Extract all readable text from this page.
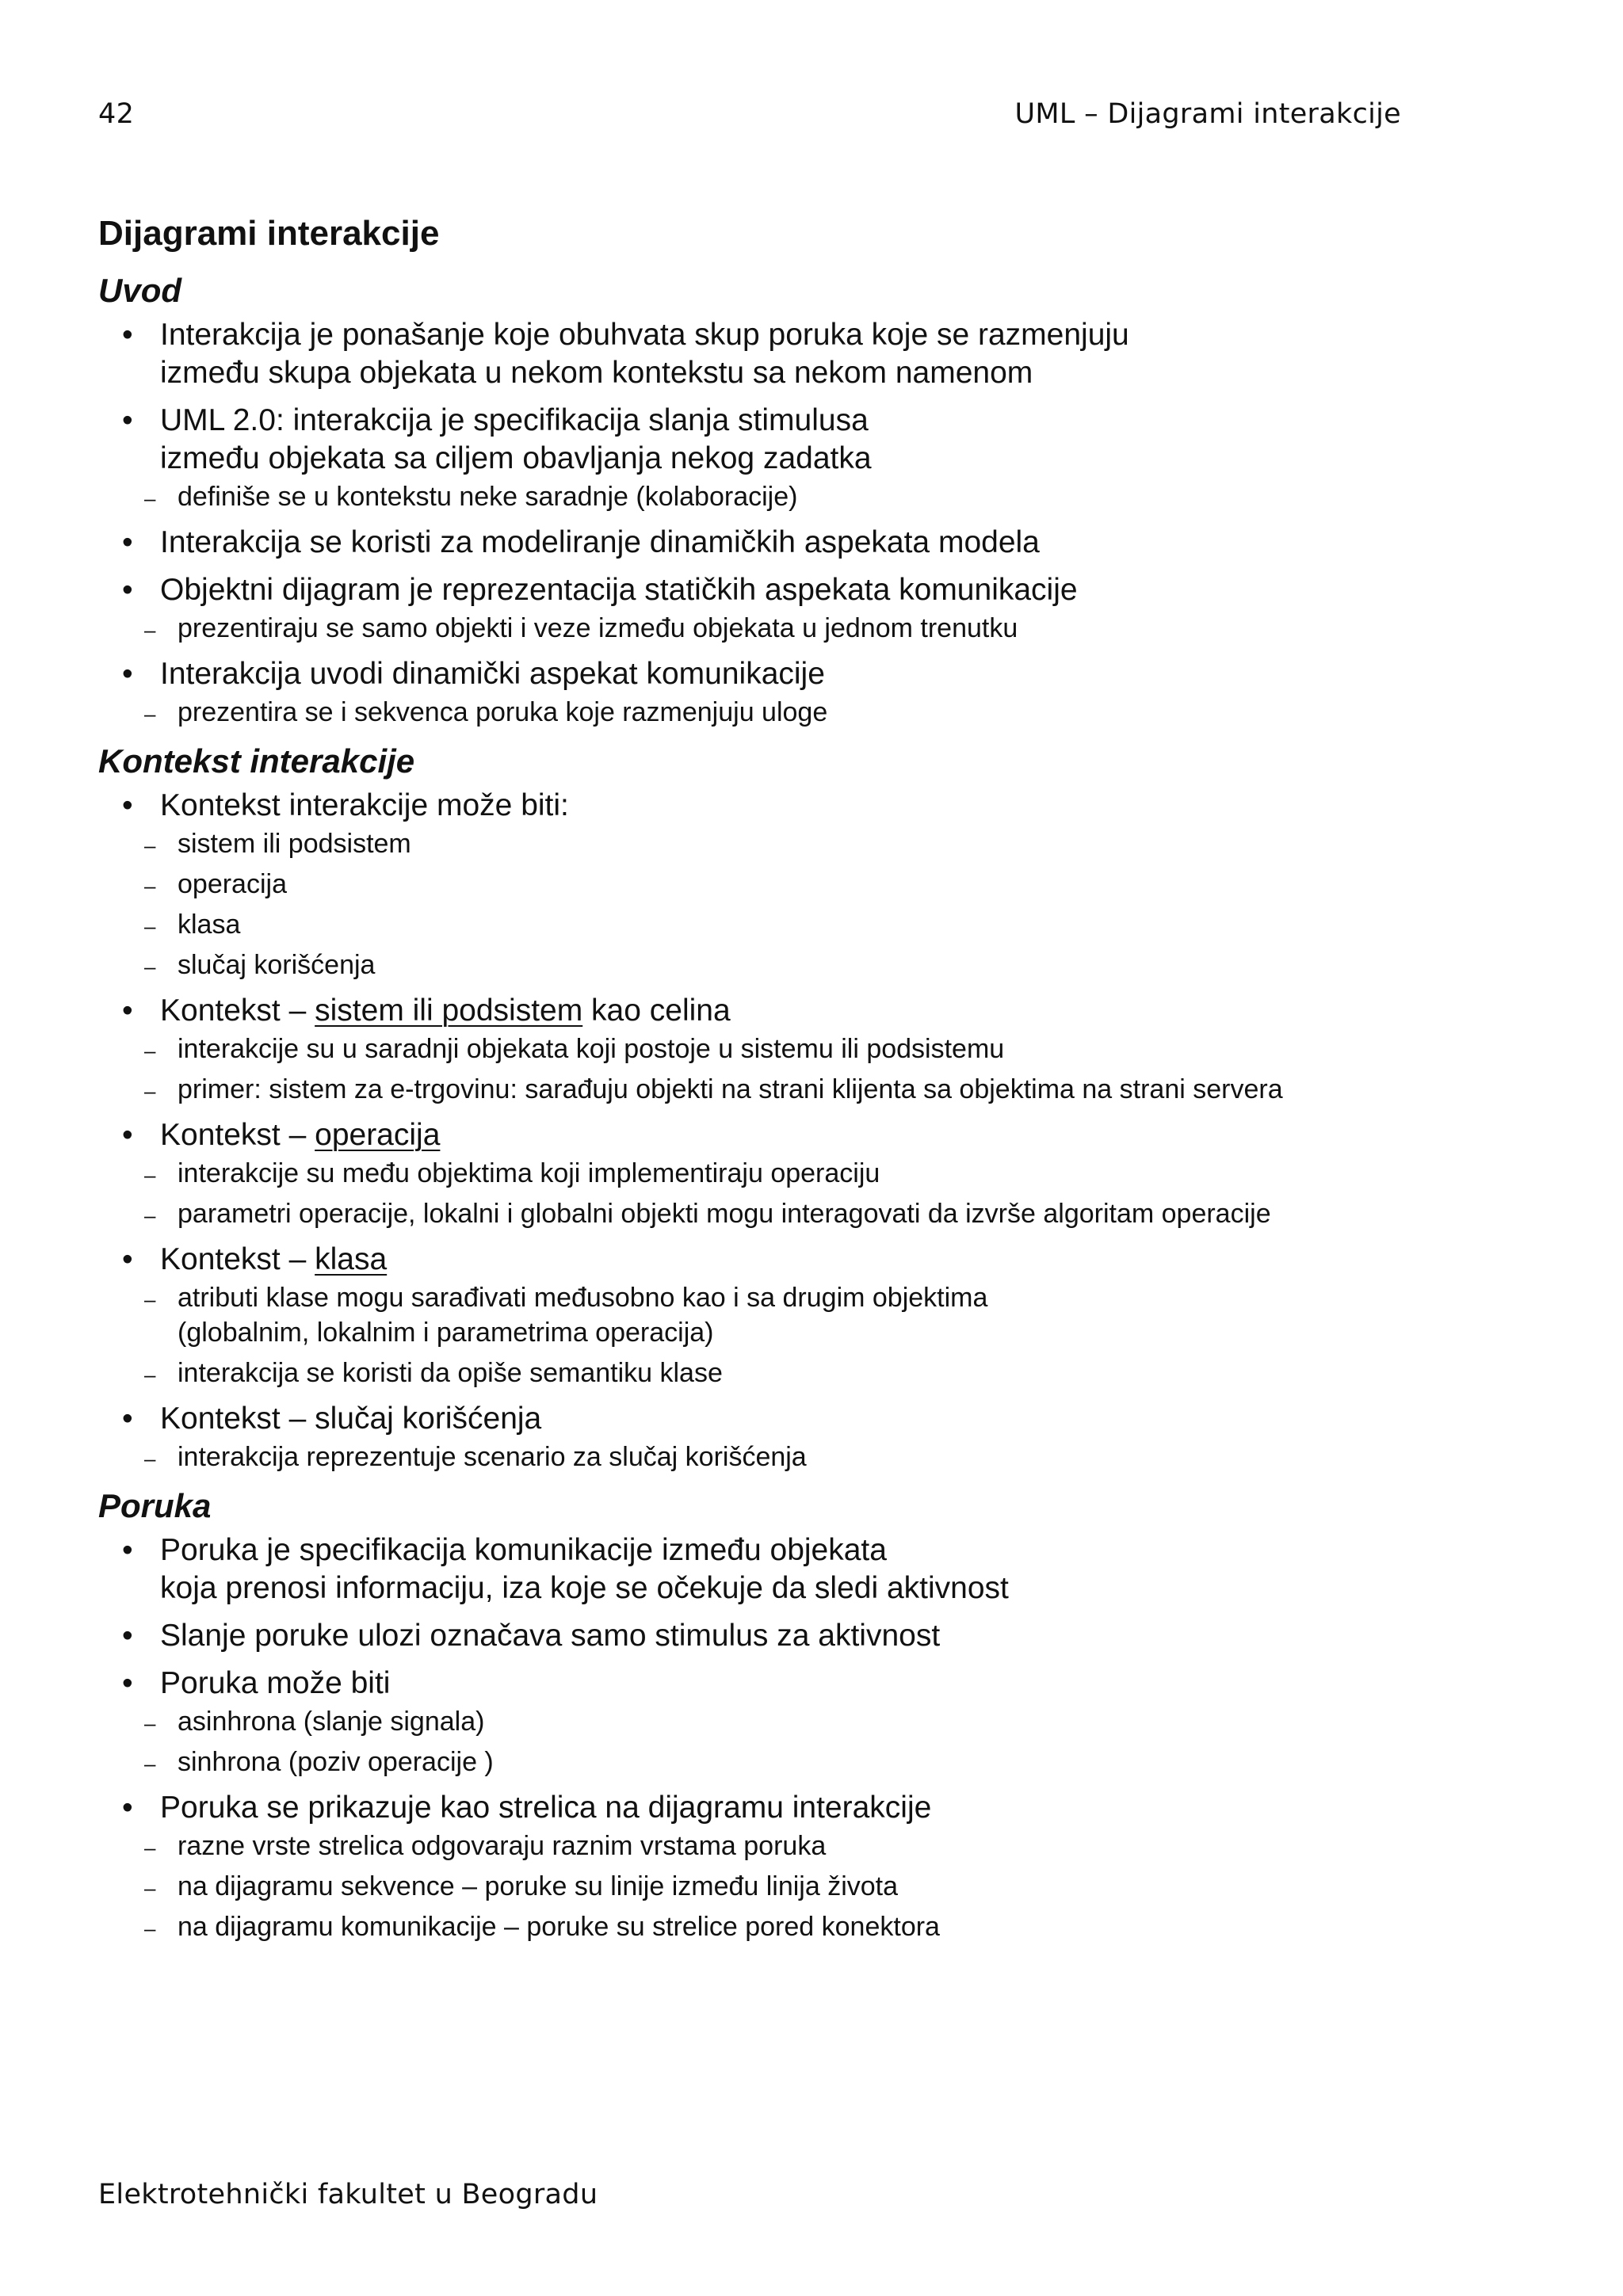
42	UML – Dijagrami interakcije
Dijagrami interakcije
Uvod
• Interakcija je ponašanje koje obuhvata skup poruka koje se razmenjuju
između skupa objekata u nekom kontekstu sa nekom namenom
• UML 2.0: interakcija je specifikacija slanja stimulusa
između objekata sa ciljem obavljanja nekog zadatka
– definiše se u kontekstu neke saradnje (kolaboracije)
• Interakcija se koristi za modeliranje dinamičkih aspekata modela
• Objektni dijagram je reprezentacija statičkih aspekata komunikacije
– prezentiraju se samo objekti i veze između objekata u jednom trenutku
• Interakcija uvodi dinamički aspekat komunikacije
– prezentira se i sekvenca poruka koje razmenjuju uloge
Kontekst interakcije
• Kontekst interakcije može biti:
– sistem ili podsistem
– operacija
– klasa
– slučaj korišćenja
• Kontekst – sistem ili podsistem kao celina
– interakcije su u saradnji objekata koji postoje u sistemu ili podsistemu
– primer: sistem za e-trgovinu: sarađuju objekti na strani klijenta sa objektima na strani servera
• Kontekst – operacija
– interakcije su među objektima koji implementiraju operaciju
– parametri operacije, lokalni i globalni objekti mogu interagovati da izvrše algoritam operacije
• Kontekst – klasa
– atributi klase mogu sarađivati međusobno kao i sa drugim objektima
(globalnim, lokalnim i parametrima operacija)
– interakcija se koristi da opiše semantiku klase
• Kontekst – slučaj korišćenja
– interakcija reprezentuje scenario za slučaj korišćenja
Poruka
• Poruka je specifikacija komunikacije između objekata
koja prenosi informaciju, iza koje se očekuje da sledi aktivnost
• Slanje poruke ulozi označava samo stimulus za aktivnost
• Poruka može biti
– asinhrona (slanje signala)
– sinhrona (poziv operacije )
• Poruka se prikazuje kao strelica na dijagramu interakcije
– razne vrste strelica odgovaraju raznim vrstama poruka
– na dijagramu sekvence – poruke su linije između linija života
– na dijagramu komunikacije – poruke su strelice pored konektora
Elektrotehnički fakultet u Beogradu
